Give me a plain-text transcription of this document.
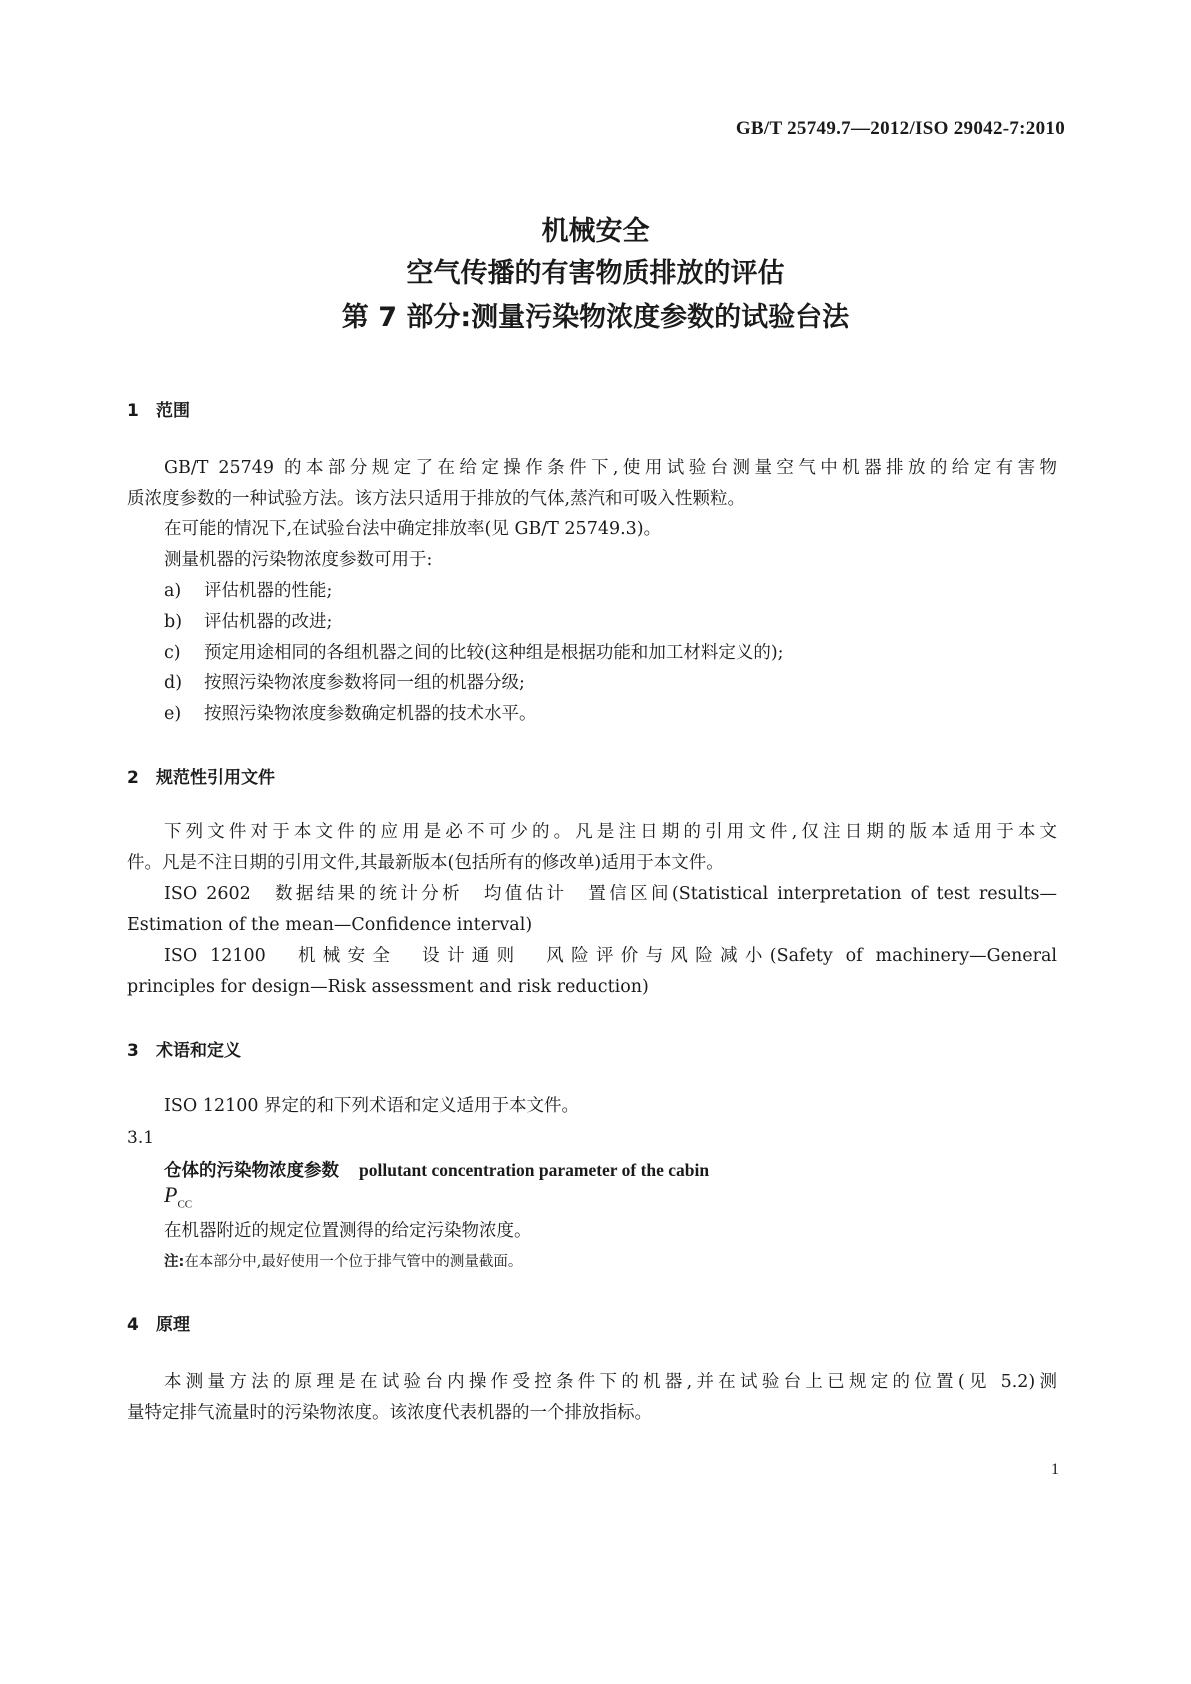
GB/T 25749.7—2012/ISO 29042-7:2010
机械安全
空气传播的有害物质排放的评估
第 7 部分:测量污染物浓度参数的试验台法
1 范围
GB/T 25749 的本部分规定了在给定操作条件下,使用试验台测量空气中机器排放的给定有害物
质浓度参数的一种试验方法。该方法只适用于排放的气体,蒸汽和可吸入性颗粒。
在可能的情况下,在试验台法中确定排放率(见 GB/T 25749.3)。
测量机器的污染物浓度参数可用于:
a) 评估机器的性能;
b) 评估机器的改进;
c) 预定用途相同的各组机器之间的比较(这种组是根据功能和加工材料定义的);
d) 按照污染物浓度参数将同一组的机器分级;
e) 按照污染物浓度参数确定机器的技术水平。
2 规范性引用文件
下列文件对于本文件的应用是必不可少的。凡是注日期的引用文件,仅注日期的版本适用于本文
件。凡是不注日期的引用文件,其最新版本(包括所有的修改单)适用于本文件。
ISO 2602　数据结果的统计分析　均值估计　置信区间(Statistical interpretation of test results—
Estimation of the mean—Confidence interval)
ISO 12100　机械安全　设计通则　风险评价与风险减小(Safety of machinery—General
principles for design—Risk assessment and risk reduction)
3 术语和定义
ISO 12100 界定的和下列术语和定义适用于本文件。
3.1
仓体的污染物浓度参数 pollutant concentration parameter of the cabin
$P_{CC}$
在机器附近的规定位置测得的给定污染物浓度。
注:在本部分中,最好使用一个位于排气管中的测量截面。
4 原理
本测量方法的原理是在试验台内操作受控条件下的机器,并在试验台上已规定的位置(见 5.2)测
量特定排气流量时的污染物浓度。该浓度代表机器的一个排放指标。
1
